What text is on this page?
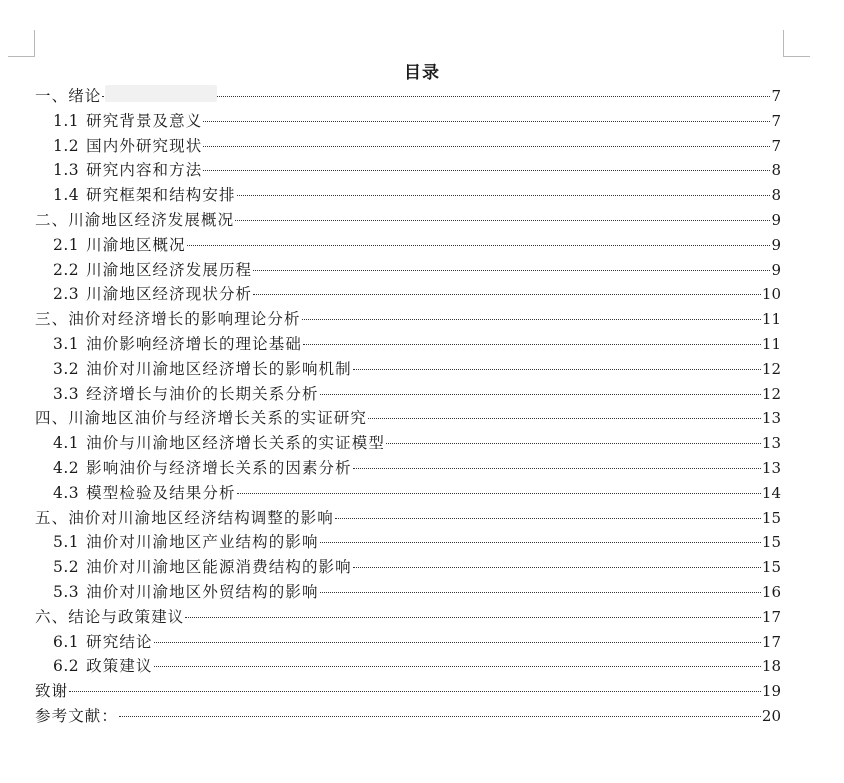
目录
一、绪论	7
1.1 研究背景及意义	7
1.2 国内外研究现状	7
1.3 研究内容和方法	8
1.4 研究框架和结构安排	8
二、川渝地区经济发展概况	9
2.1 川渝地区概况	9
2.2 川渝地区经济发展历程	9
2.3 川渝地区经济现状分析	10
三、油价对经济增长的影响理论分析	11
3.1 油价影响经济增长的理论基础	11
3.2 油价对川渝地区经济增长的影响机制	12
3.3 经济增长与油价的长期关系分析	12
四、川渝地区油价与经济增长关系的实证研究	13
4.1 油价与川渝地区经济增长关系的实证模型	13
4.2 影响油价与经济增长关系的因素分析	13
4.3 模型检验及结果分析	14
五、油价对川渝地区经济结构调整的影响	15
5.1 油价对川渝地区产业结构的影响	15
5.2 油价对川渝地区能源消费结构的影响	15
5.3 油价对川渝地区外贸结构的影响	16
六、结论与政策建议	17
6.1 研究结论	17
6.2 政策建议	18
致谢	19
参考文献：	20
